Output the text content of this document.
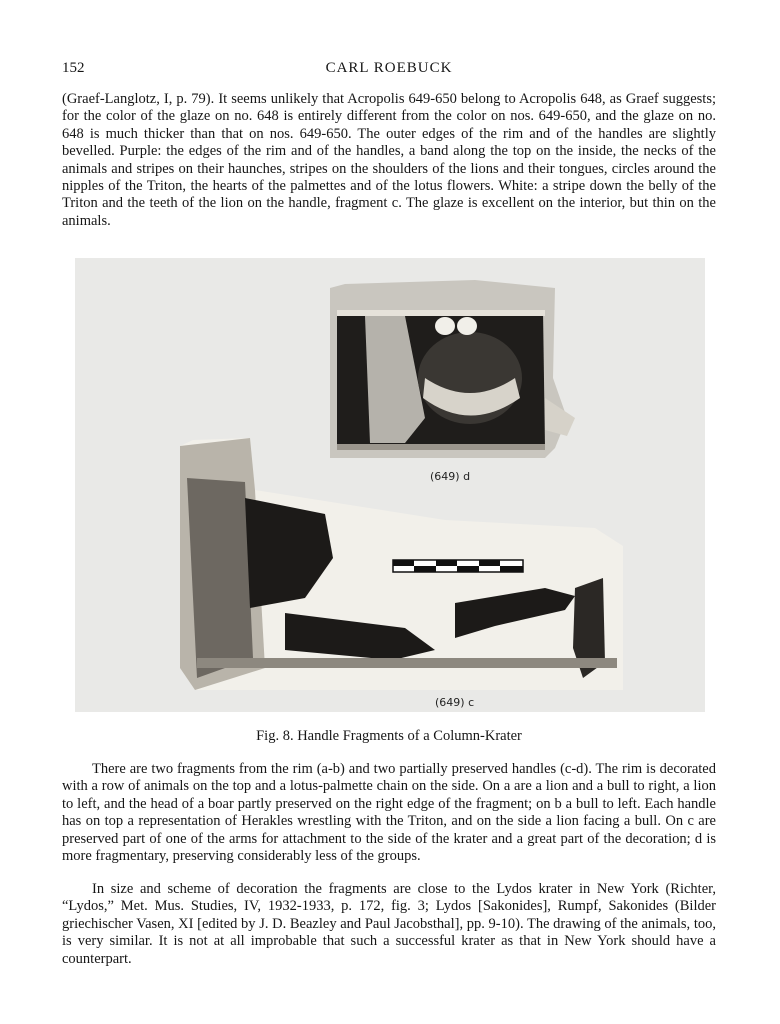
152	CARL ROEBUCK

(Graef-Langlotz, I, p. 79). It seems unlikely that Acropolis 649-650 belong to Acropolis 648, as Graef suggests; for the color of the glaze on no. 648 is entirely different from the color on nos. 649-650, and the glaze on no. 648 is much thicker than that on nos. 649-650. The outer edges of the rim and of the handles are slightly bevelled. Purple: the edges of the rim and of the handles, a band along the top on the inside, the necks of the animals and stripes on their haunches, stripes on the shoulders of the lions and their tongues, circles around the nipples of the Triton, the hearts of the palmettes and of the lotus flowers. White: a stripe down the belly of the Triton and the teeth of the lion on the handle, fragment c. The glaze is excellent on the interior, but thin on the animals.

(649) d
(649) c
Fig. 8. Handle Fragments of a Column-Krater

There are two fragments from the rim (a-b) and two partially preserved handles (c-d). The rim is decorated with a row of animals on the top and a lotus-palmette chain on the side. On a are a lion and a bull to right, a lion to left, and the head of a boar partly preserved on the right edge of the fragment; on b a bull to left. Each handle has on top a representation of Herakles wrestling with the Triton, and on the side a lion facing a bull. On c are preserved part of one of the arms for attachment to the side of the krater and a great part of the decoration; d is more fragmentary, preserving considerably less of the groups.

In size and scheme of decoration the fragments are close to the Lydos krater in New York (Richter, “Lydos,” Met. Mus. Studies, IV, 1932-1933, p. 172, fig. 3; Lydos [Sakonides], Rumpf, Sakonides (Bilder griechischer Vasen, XI [edited by J. D. Beazley and Paul Jacobsthal], pp. 9-10). The drawing of the animals, too, is very similar. It is not at all improbable that such a successful krater as that in New York should have a counterpart.
